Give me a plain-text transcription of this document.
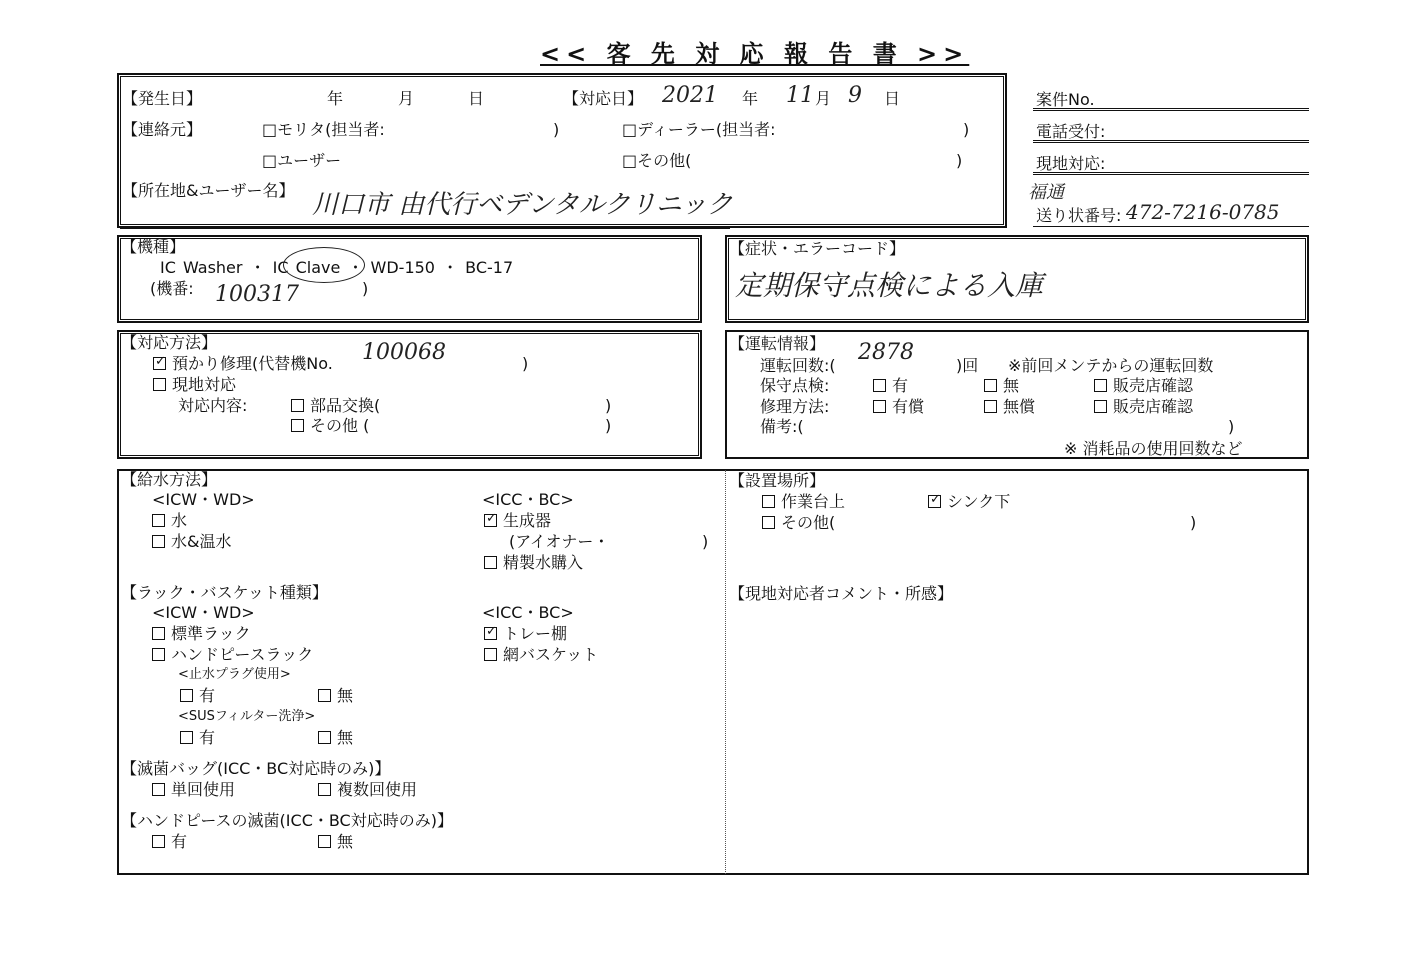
<< 客 先 対 応 報 告 書 >>
【発生日】	年	月	日	【対応日】 2021 年 11 月 9 日
【連絡元】	□モリタ(担当者:	)	□ディーラー(担当者:	)
□ユーザー	□その他(	)
【所在地&ユーザー名】 川口市 由代行ベデンタルクリニック
案件No.
電話受付:
現地対応:
福通
送り状番号: 472-7216-0785
【機種】
IC Washer ・ IC Clave ・ WD-150 ・ BC-17
(機番: 100317	)
【症状・エラーコード】
定期保守点検による入庫
【対応方法】
✓預かり修理(代替機No. 100068	)
現地対応
対応内容:	部品交換(	)
その他 (	)
【運転情報】
運転回数:(
2878
)回 ※前回メンテからの運転回数
保守点検:	有	無	販売店確認
修理方法:	有償	無償	販売店確認
備考:(	)
※ 消耗品の使用回数など
【給水方法】
<ICW・WD>
水
水&温水
<ICC・BC>
✓生成器
(アイオナー・	)
精製水購入
【ラック・バスケット種類】
<ICW・WD>
標準ラック
ハンドピースラック
<止水プラグ使用>
有	無
<SUSフィルター洗浄>
有	無
<ICC・BC>
✓トレー棚
網バスケット
【滅菌バッグ(ICC・BC対応時のみ)】
単回使用	複数回使用
【ハンドピースの滅菌(ICC・BC対応時のみ)】
有	無
【設置場所】
作業台上 ✓	シンク下
その他(	)
【現地対応者コメント・所感】
